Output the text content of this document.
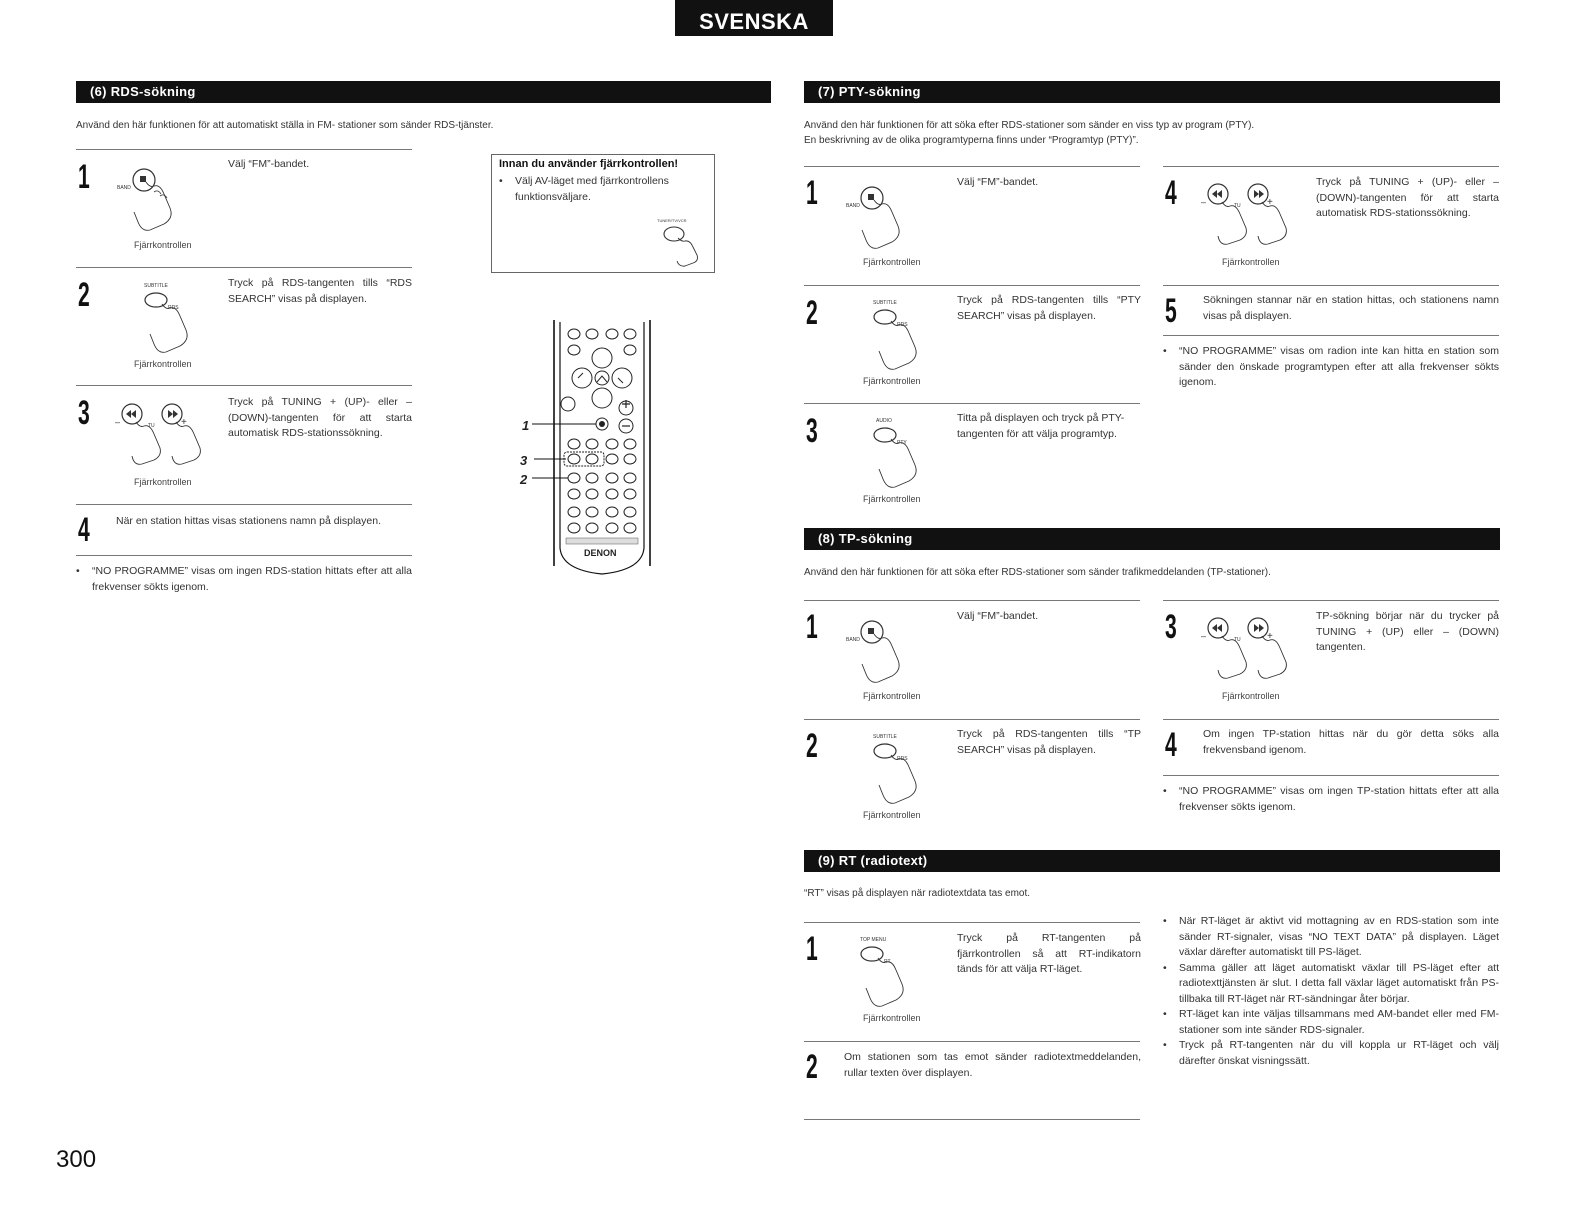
SVENSKA
(6) RDS-sökning
Använd den här funktionen för att automatiskt ställa in FM- stationer som sänder RDS-tjänster.
1	BAND
Välj “FM”-bandet.
Fjärrkontrollen
2	SUBTITLE
RDS
Tryck på RDS-tangenten tills “RDS SEARCH” visas på displayen.
Fjärrkontrollen
3	–	TU	+
Tryck på TUNING + (UP)- eller – (DOWN)-tangenten för att starta automatisk RDS-stationssökning.
Fjärrkontrollen
4	När en station hittas visas stationens namn på displayen.
• “NO PROGRAMME” visas om ingen RDS-station hittats efter att alla frekvenser sökts igenom.
Innan du använder fjärrkontrollen!
• Välj AV-läget med fjärrkontrollens funktionsväljare.
TUNER/TV/VCR
1
3
2
DENON
(7) PTY-sökning
Använd den här funktionen för att söka efter RDS-stationer som sänder en viss typ av program (PTY).
En beskrivning av de olika programtyperna finns under “Programtyp (PTY)”.
1	BAND
Välj “FM”-bandet.
Fjärrkontrollen
2	SUBTITLE
RDS
Tryck på RDS-tangenten tills “PTY SEARCH” visas på displayen.
Fjärrkontrollen
3	AUDIO
PTY
Titta på displayen och tryck på PTY-tangenten för att välja programtyp.
Fjärrkontrollen
4	–	TU	+
Tryck på TUNING + (UP)- eller – (DOWN)-tangenten för att starta automatisk RDS-stationssökning.
Fjärrkontrollen
5	Sökningen stannar när en station hittas, och stationens namn visas på displayen.
• “NO PROGRAMME” visas om radion inte kan hitta en station som sänder den önskade programtypen efter att alla frekvenser sökts igenom.
(8) TP-sökning
Använd den här funktionen för att söka efter RDS-stationer som sänder trafikmeddelanden (TP-stationer).
1	BAND
Välj “FM”-bandet.
Fjärrkontrollen
2	SUBTITLE
RDS
Tryck på RDS-tangenten tills “TP SEARCH” visas på displayen.
Fjärrkontrollen
3	–	TU	+
TP-sökning börjar när du trycker på TUNING + (UP) eller – (DOWN) tangenten.
Fjärrkontrollen
4	Om ingen TP-station hittas när du gör detta söks alla frekvensband igenom.
• “NO PROGRAMME” visas om ingen TP-station hittats efter att alla frekvenser sökts igenom.
(9) RT (radiotext)
“RT” visas på displayen när radiotextdata tas emot.
1	TOP MENU
RT
Tryck på RT-tangenten på fjärrkontrollen så att RT-indikatorn tänds för att välja RT-läget.
Fjärrkontrollen
2	Om stationen som tas emot sänder radiotextmeddelanden, rullar texten över displayen.
• När RT-läget är aktivt vid mottagning av en RDS-station som inte sänder RT-signaler, visas “NO TEXT DATA” på displayen. Läget växlar därefter automatiskt till PS-läget.
• Samma gäller att läget automatiskt växlar till PS-läget efter att radiotexttjänsten är slut. I detta fall växlar läget automatiskt från PS- tillbaka till RT-läget när RT-sändningar åter börjar.
• RT-läget kan inte väljas tillsammans med AM-bandet eller med FM-stationer som inte sänder RDS-signaler.
• Tryck på RT-tangenten när du vill koppla ur RT-läget och välj därefter önskat visningssätt.
300
